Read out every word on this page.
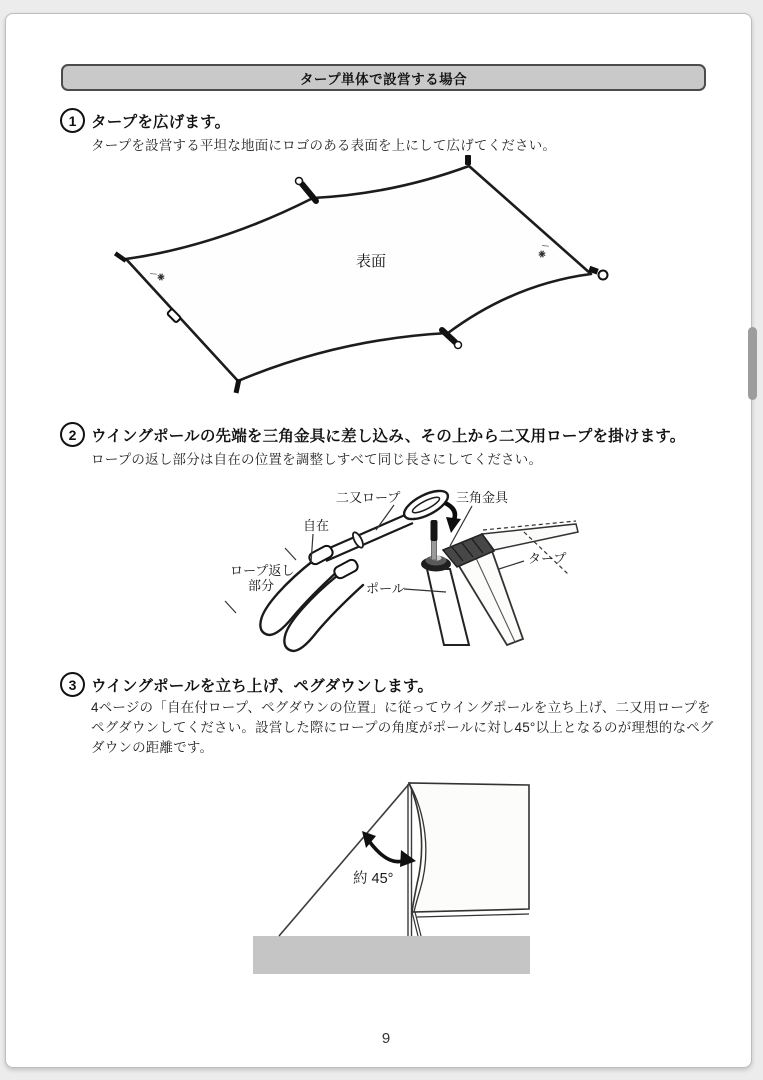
タープ単体で設営する場合
1 タープを広げます。
タープを設営する平坦な地面にロゴのある表面を上にして広げてください。
表面
2 ウイングポールの先端を三角金具に差し込み、その上から二又用ロープを掛けます。
ロープの返し部分は自在の位置を調整しすべて同じ長さにしてください。
二又ロープ	三角金具
自在
ロープ返し
部分	ポール
タープ
3 ウイングポールを立ち上げ、ペグダウンします。
4ページの「自在付ロープ、ペグダウンの位置」に従ってウイングポールを立ち上げ、二又用ロープをペグダウンしてください。設営した際にロープの角度がポールに対し45°以上となるのが理想的なペグダウンの距離です。
約 45°
9
